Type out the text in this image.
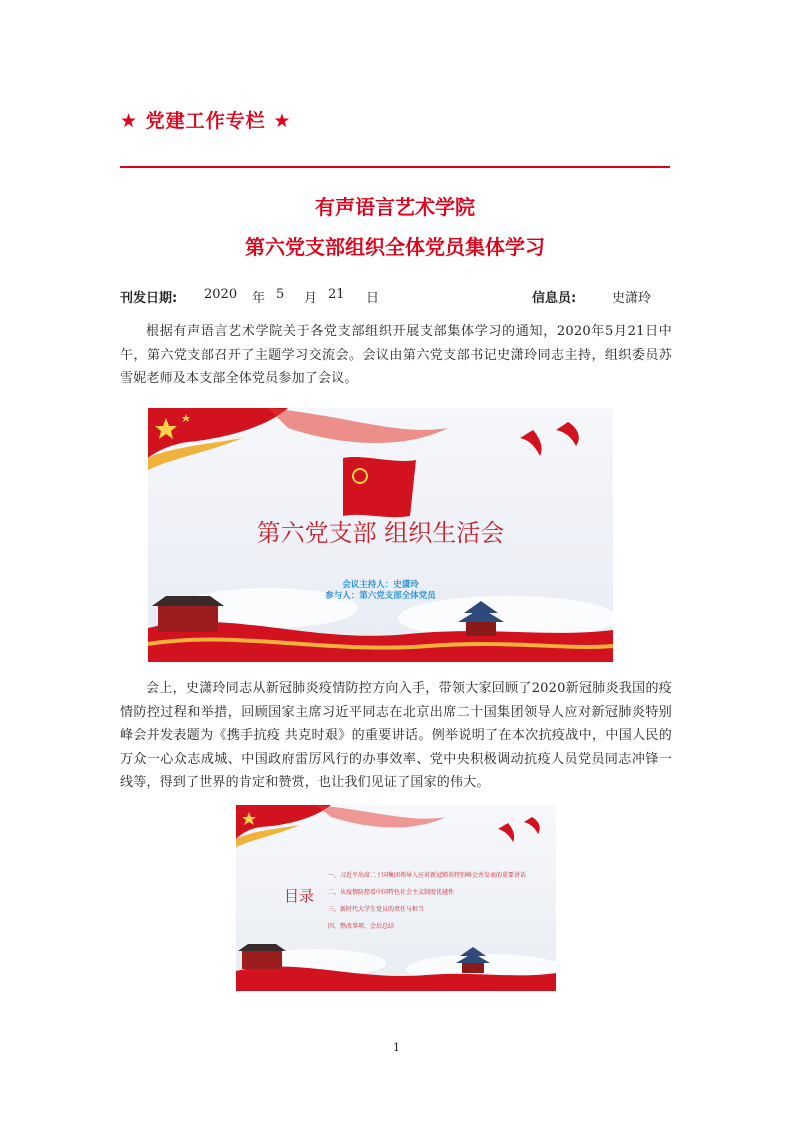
★ 党建工作专栏 ★
有声语言艺术学院
第六党支部组织全体党员集体学习
刊发日期: 2020 年 5 月 21 日	信息员:	史潇玲

根据有声语言艺术学院关于各党支部组织开展支部集体学习的通知，2020年5月21日中午，第六党支部召开了主题学习交流会。会议由第六党支部书记史潇玲同志主持，组织委员苏雪妮老师及本支部全体党员参加了会议。

第六党支部 组织生活会
会议主持人：史潇玲
参与人：第六党支部全体党员

会上，史潇玲同志从新冠肺炎疫情防控方向入手，带领大家回顾了2020新冠肺炎我国的疫情防控过程和举措，回顾国家主席习近平同志在北京出席二十国集团领导人应对新冠肺炎特别峰会并发表题为《携手抗疫 共克时艰》的重要讲话。例举说明了在本次抗疫战中，中国人民的万众一心众志成城、中国政府雷厉风行的办事效率、党中央积极调动抗疫人员党员同志冲锋一线等，得到了世界的肯定和赞赏，也让我们见证了国家的伟大。

目录
一、习近平出席二十国集团领导人应对新冠肺炎特别峰会并发表的重要讲话
二、从疫情防控看中国特色社会主义制度优越性
三、新时代大学生党员的责任与担当
四、整改事项、会后总结
1
